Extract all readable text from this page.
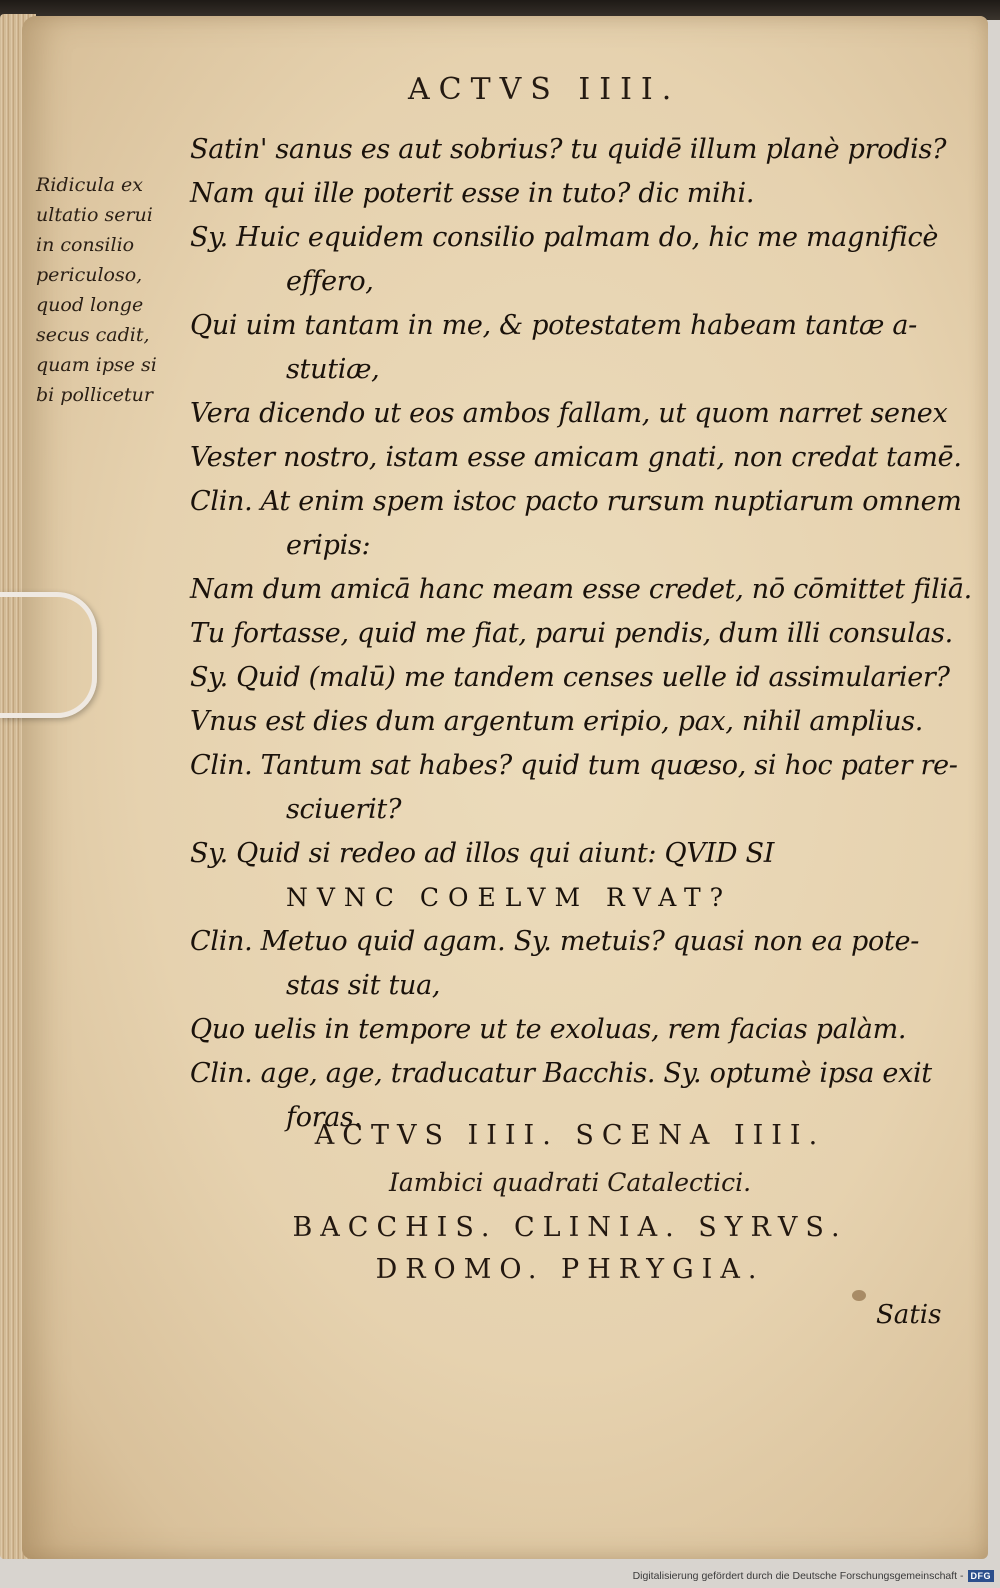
ACTVS IIII.
Ridicula ex
ultatio serui
in consilio
periculoso,
quod longe
secus cadit,
quam ipse si
bi pollicetur
Satin' sanus es aut sobrius? tu quidē illum planè prodis?
Nam qui ille poterit esse in tuto? dic mihi.
Sy. Huic equidem consilio palmam do, hic me magnificè
effero,
Qui uim tantam in me, & potestatem habeam tantæ a-
stutiæ,
Vera dicendo ut eos ambos fallam, ut quom narret senex
Vester nostro, istam esse amicam gnati, non credat tamē.
Clin. At enim spem istoc pacto rursum nuptiarum omnem
eripis:
Nam dum amicā hanc meam esse credet, nō cōmittet filiā.
Tu fortasse, quid me fiat, parui pendis, dum illi consulas.
Sy. Quid (malū) me tandem censes uelle id assimularier?
Vnus est dies dum argentum eripio, pax, nihil amplius.
Clin. Tantum sat habes? quid tum quæso, si hoc pater re-
sciuerit?
Sy. Quid si redeo ad illos qui aiunt: QVID SI
NVNC COELVM RVAT?
Clin. Metuo quid agam. Sy. metuis? quasi non ea pote-
stas sit tua,
Quo uelis in tempore ut te exoluas, rem facias palàm.
Clin. age, age, traducatur Bacchis. Sy. optumè ipsa exit
foras.
ACTVS IIII. SCENA IIII.
Iambici quadrati Catalectici.
BACCHIS. CLINIA. SYRVS.
DROMO. PHRYGIA.
Satis
Digitalisierung gefördert durch die Deutsche Forschungsgemeinschaft - DFG
